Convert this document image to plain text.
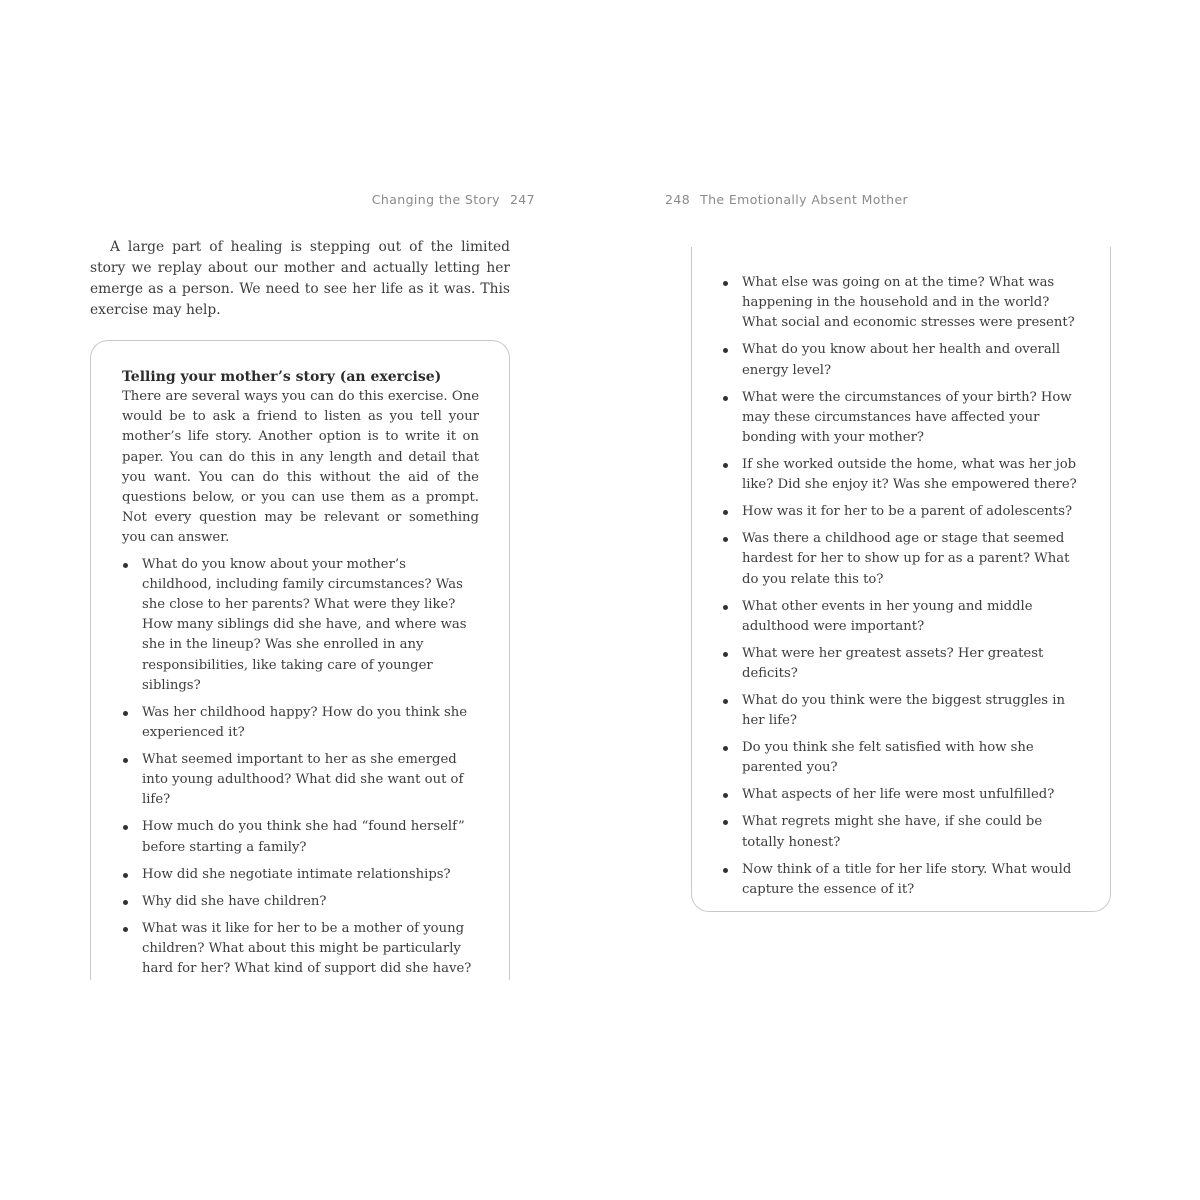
Changing the Story 247

A large part of healing is stepping out of the limited story we replay about our mother and actually letting her emerge as a person. We need to see her life as it was. This exercise may help.

Telling your mother’s story (an exercise)

There are several ways you can do this exercise. One would be to ask a friend to listen as you tell your mother’s life story. Another option is to write it on paper. You can do this in any length and detail that you want. You can do this without the aid of the questions below, or you can use them as a prompt. Not every question may be relevant or something you can answer.

What do you know about your mother’s childhood, including family circumstances? Was she close to her parents? What were they like? How many siblings did she have, and where was she in the lineup? Was she enrolled in any responsibilities, like taking care of younger siblings?
Was her childhood happy? How do you think she experienced it?
What seemed important to her as she emerged into young adulthood? What did she want out of life?
How much do you think she had “found herself” before starting a family?
How did she negotiate intimate relationships?
Why did she have children?
What was it like for her to be a mother of young children? What about this might be particularly hard for her? What kind of support did she have?
248 The Emotionally Absent Mother
What else was going on at the time? What was happening in the household and in the world? What social and economic stresses were present?
What do you know about her health and overall energy level?
What were the circumstances of your birth? How may these circumstances have affected your bonding with your mother?
If she worked outside the home, what was her job like? Did she enjoy it? Was she empowered there?
How was it for her to be a parent of adolescents?
Was there a childhood age or stage that seemed hardest for her to show up for as a parent? What do you relate this to?
What other events in her young and middle adulthood were important?
What were her greatest assets? Her greatest deficits?
What do you think were the biggest struggles in her life?
Do you think she felt satisfied with how she parented you?
What aspects of her life were most unfulfilled?
What regrets might she have, if she could be totally honest?
Now think of a title for her life story. What would capture the essence of it?
